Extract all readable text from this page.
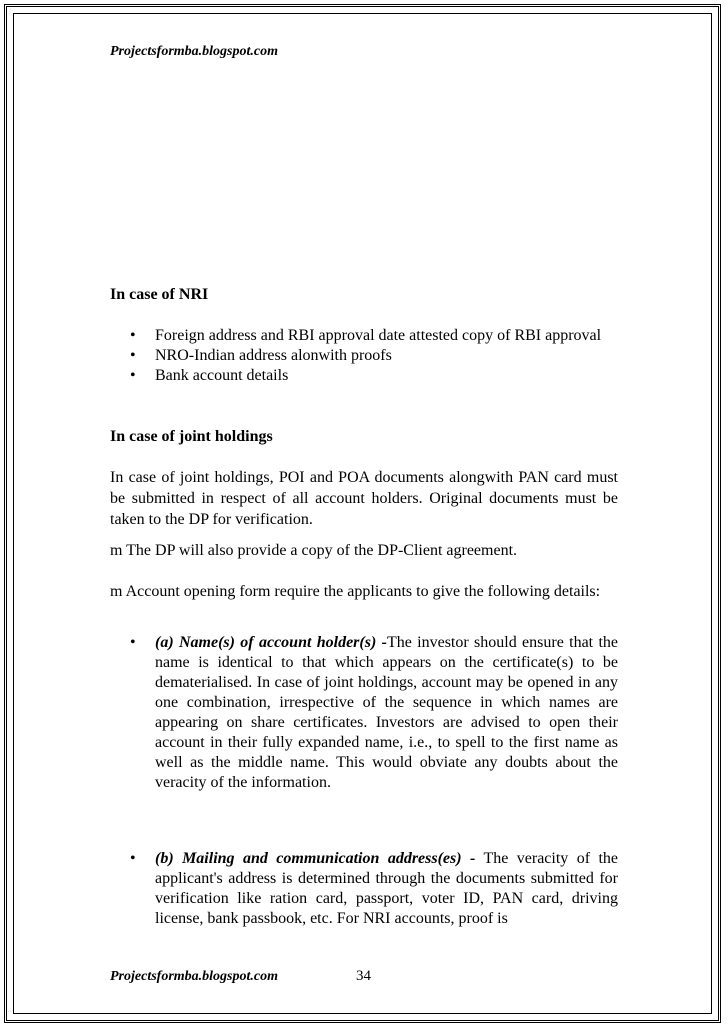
Projectsformba.blogspot.com
In case of NRI
• Foreign address and RBI approval date attested copy of RBI approval
• NRO-Indian address alonwith proofs
• Bank account details
In case of joint holdings
In case of joint holdings, POI and POA documents alongwith PAN card must be submitted in respect of all account holders. Original documents must be taken to the DP for verification.
m The DP will also provide a copy of the DP-Client agreement.
m Account opening form require the applicants to give the following details:
• (a) Name(s) of account holder(s) -The investor should ensure that the name is identical to that which appears on the certificate(s) to be dematerialised. In case of joint holdings, account may be opened in any one combination, irrespective of the sequence in which names are appearing on share certificates. Investors are advised to open their account in their fully expanded name, i.e., to spell to the first name as well as the middle name. This would obviate any doubts about the veracity of the information.
• (b) Mailing and communication address(es) - The veracity of the applicant's address is determined through the documents submitted for verification like ration card, passport, voter ID, PAN card, driving license, bank passbook, etc. For NRI accounts, proof is
Projectsformba.blogspot.com	34
